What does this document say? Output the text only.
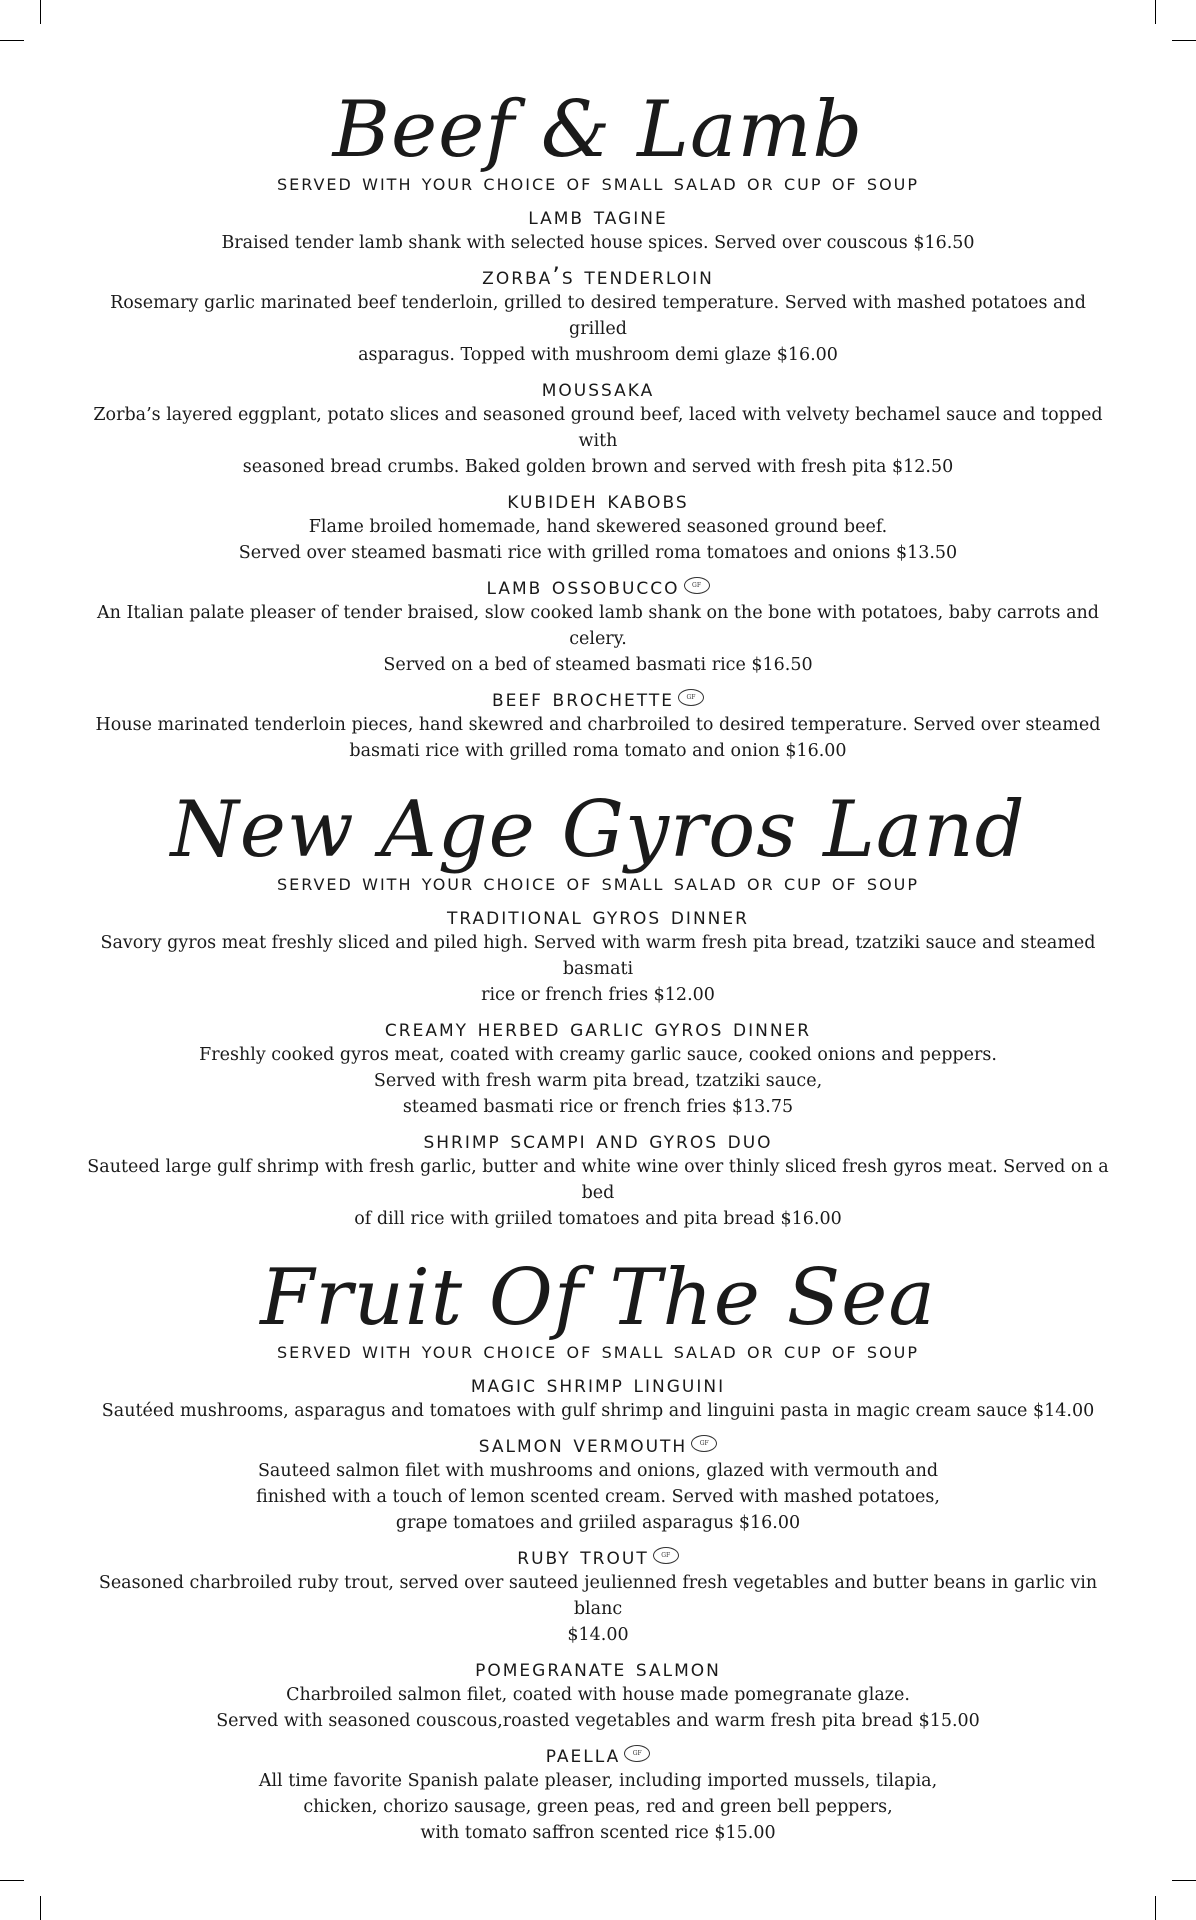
Beef & Lamb

served with your choice of small salad or cup of soup

lamb tagine
Braised tender lamb shank with selected house spices. Served over couscous $16.50
zorba’s tenderloin
Rosemary garlic marinated beef tenderloin, grilled to desired temperature. Served with mashed potatoes and grilled
asparagus. Topped with mushroom demi glaze $16.00
moussaka
Zorba’s layered eggplant, potato slices and seasoned ground beef, laced with velvety bechamel sauce and topped with
seasoned bread crumbs. Baked golden brown and served with fresh pita $12.50
kubideh kabobs
Flame broiled homemade, hand skewered seasoned ground beef.
Served over steamed basmati rice with grilled roma tomatoes and onions $13.50
lamb ossobucco gf
An Italian palate pleaser of tender braised, slow cooked lamb shank on the bone with potatoes, baby carrots and celery.
Served on a bed of steamed basmati rice $16.50
beef brochette gf
House marinated tenderloin pieces, hand skewred and charbroiled to desired temperature. Served over steamed
basmati rice with grilled roma tomato and onion $16.00
New Age Gyros Land

served with your choice of small salad or cup of soup

traditional gyros dinner
Savory gyros meat freshly sliced and piled high. Served with warm fresh pita bread, tzatziki sauce and steamed basmati
rice or french fries $12.00
creamy herbed garlic gyros dinner
Freshly cooked gyros meat, coated with creamy garlic sauce, cooked onions and peppers.
Served with fresh warm pita bread, tzatziki sauce,
steamed basmati rice or french fries $13.75
shrimp scampi and gyros duo
Sauteed large gulf shrimp with fresh garlic, butter and white wine over thinly sliced fresh gyros meat. Served on a bed
of dill rice with griiled tomatoes and pita bread $16.00
Fruit Of The Sea

served with your choice of small salad or cup of soup

magic shrimp linguini
Sautéed mushrooms, asparagus and tomatoes with gulf shrimp and linguini pasta in magic cream sauce $14.00
salmon vermouth gf
Sauteed salmon filet with mushrooms and onions, glazed with vermouth and
finished with a touch of lemon scented cream. Served with mashed potatoes,
grape tomatoes and griiled asparagus $16.00
ruby trout gf
Seasoned charbroiled ruby trout, served over sauteed jeulienned fresh vegetables and butter beans in garlic vin blanc
$14.00
pomegranate salmon
Charbroiled salmon filet, coated with house made pomegranate glaze.
Served with seasoned couscous,roasted vegetables and warm fresh pita bread $15.00
paella gf
All time favorite Spanish palate pleaser, including imported mussels, tilapia,
chicken, chorizo sausage, green peas, red and green bell peppers,
with tomato saffron scented rice $15.00
